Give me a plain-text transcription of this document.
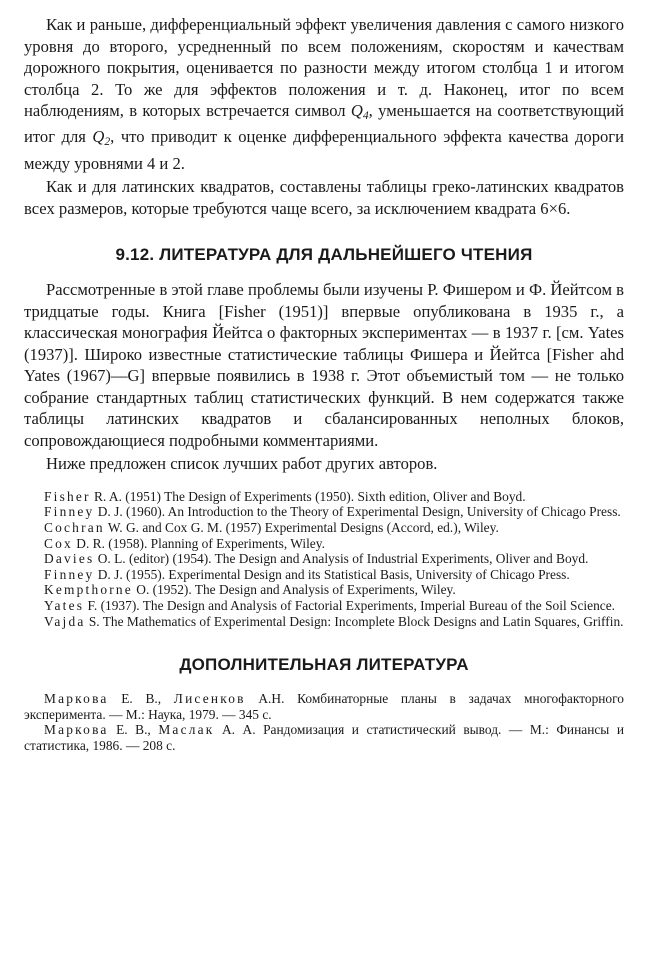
Как и раньше, дифференциальный эффект увеличения давления с самого низкого уровня до второго, усредненный по всем положениям, скоростям и качествам дорожного покрытия, оценивается по разности между итогом столбца 1 и итогом столбца 2. То же для эффектов положения и т. д. Наконец, итог по всем наблюдениям, в которых встречается символ $Q_4$, уменьшается на соответствующий итог для $Q_2$, что приводит к оценке дифференциального эффекта качества дороги между уровнями 4 и 2.

Как и для латинских квадратов, составлены таблицы греко-латинских квадратов всех размеров, которые требуются чаще всего, за исключением квадрата 6×6.

9.12. ЛИТЕРАТУРА ДЛЯ ДАЛЬНЕЙШЕГО ЧТЕНИЯ

Рассмотренные в этой главе проблемы были изучены Р. Фишером и Ф. Йейтсом в тридцатые годы. Книга [Fisher (1951)] впервые опубликована в 1935 г., а классическая монография Йейтса о факторных экспериментах — в 1937 г. [см. Yates (1937)]. Широко известные статистические таблицы Фишера и Йейтса [Fisher ahd Yates (1967)—G] впервые появились в 1938 г. Этот объемистый том — не только собрание стандартных таблиц статистических функций. В нем содержатся также таблицы латинских квадратов и сбалансированных неполных блоков, сопровождающиеся подробными комментариями.

Ниже предложен список лучших работ других авторов.

Fisher R. A. (1951) The Design of Experiments (1950). Sixth edition, Oliver and Boyd.

Finney D. J. (1960). An Introduction to the Theory of Experimental Design, University of Chicago Press.

Cochran W. G. and Cox G. M. (1957) Experimental Designs (Accord, ed.), Wiley.

Cox D. R. (1958). Planning of Experiments, Wiley.

Davies O. L. (editor) (1954). The Design and Analysis of Industrial Experiments, Oliver and Boyd.

Finney D. J. (1955). Experimental Design and its Statistical Basis, University of Chicago Press.

Kempthorne O. (1952). The Design and Analysis of Experiments, Wiley.

Yates F. (1937). The Design and Analysis of Factorial Experiments, Imperial Bureau of the Soil Science.

Vajda S. The Mathematics of Experimental Design: Incomplete Block Designs and Latin Squares, Griffin.

ДОПОЛНИТЕЛЬНАЯ ЛИТЕРАТУРА

Маркова Е. В., Лисенков А.Н. Комбинаторные планы в задачах многофакторного эксперимента. — М.: Наука, 1979. — 345 с.

Маркова Е. В., Маслак А. А. Рандомизация и статистический вывод. — М.: Финансы и статистика, 1986. — 208 с.
